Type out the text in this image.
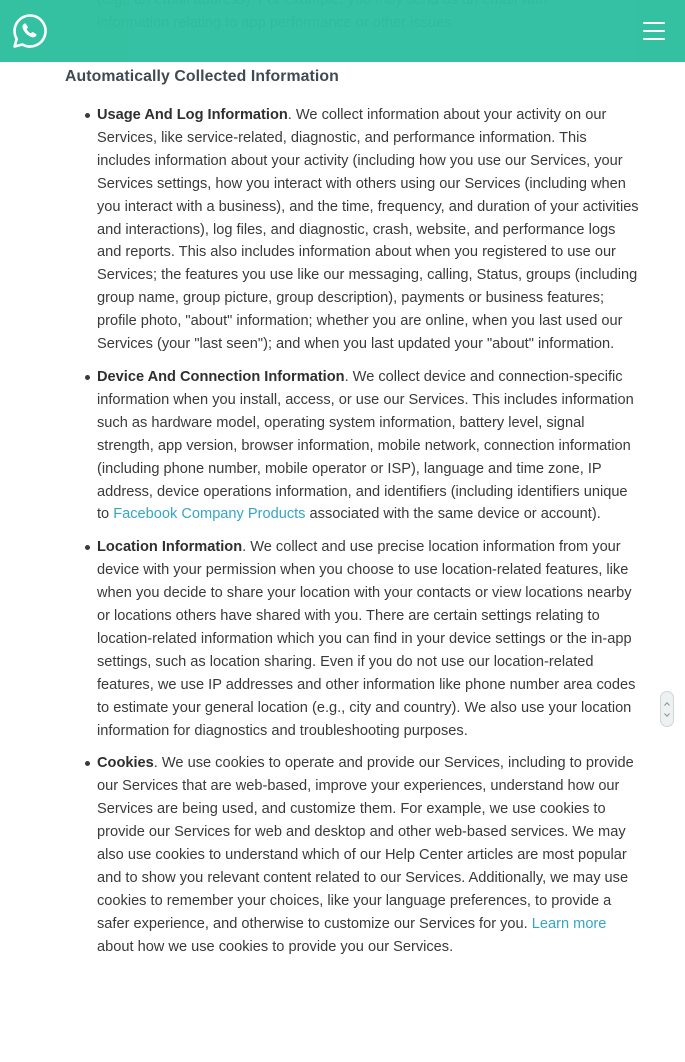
Automatically Collected Information
Usage And Log Information. We collect information about your activity on our Services, like service-related, diagnostic, and performance information. This includes information about your activity (including how you use our Services, your Services settings, how you interact with others using our Services (including when you interact with a business), and the time, frequency, and duration of your activities and interactions), log files, and diagnostic, crash, website, and performance logs and reports. This also includes information about when you registered to use our Services; the features you use like our messaging, calling, Status, groups (including group name, group picture, group description), payments or business features; profile photo, "about" information; whether you are online, when you last used our Services (your "last seen"); and when you last updated your "about" information.
Device And Connection Information. We collect device and connection-specific information when you install, access, or use our Services. This includes information such as hardware model, operating system information, battery level, signal strength, app version, browser information, mobile network, connection information (including phone number, mobile operator or ISP), language and time zone, IP address, device operations information, and identifiers (including identifiers unique to Facebook Company Products associated with the same device or account).
Location Information. We collect and use precise location information from your device with your permission when you choose to use location-related features, like when you decide to share your location with your contacts or view locations nearby or locations others have shared with you. There are certain settings relating to location-related information which you can find in your device settings or the in-app settings, such as location sharing. Even if you do not use our location-related features, we use IP addresses and other information like phone number area codes to estimate your general location (e.g., city and country). We also use your location information for diagnostics and troubleshooting purposes.
Cookies. We use cookies to operate and provide our Services, including to provide our Services that are web-based, improve your experiences, understand how our Services are being used, and customize them. For example, we use cookies to provide our Services for web and desktop and other web-based services. We may also use cookies to understand which of our Help Center articles are most popular and to show you relevant content related to our Services. Additionally, we may use cookies to remember your choices, like your language preferences, to provide a safer experience, and otherwise to customize our Services for you. Learn more about how we use cookies to provide you our Services.
